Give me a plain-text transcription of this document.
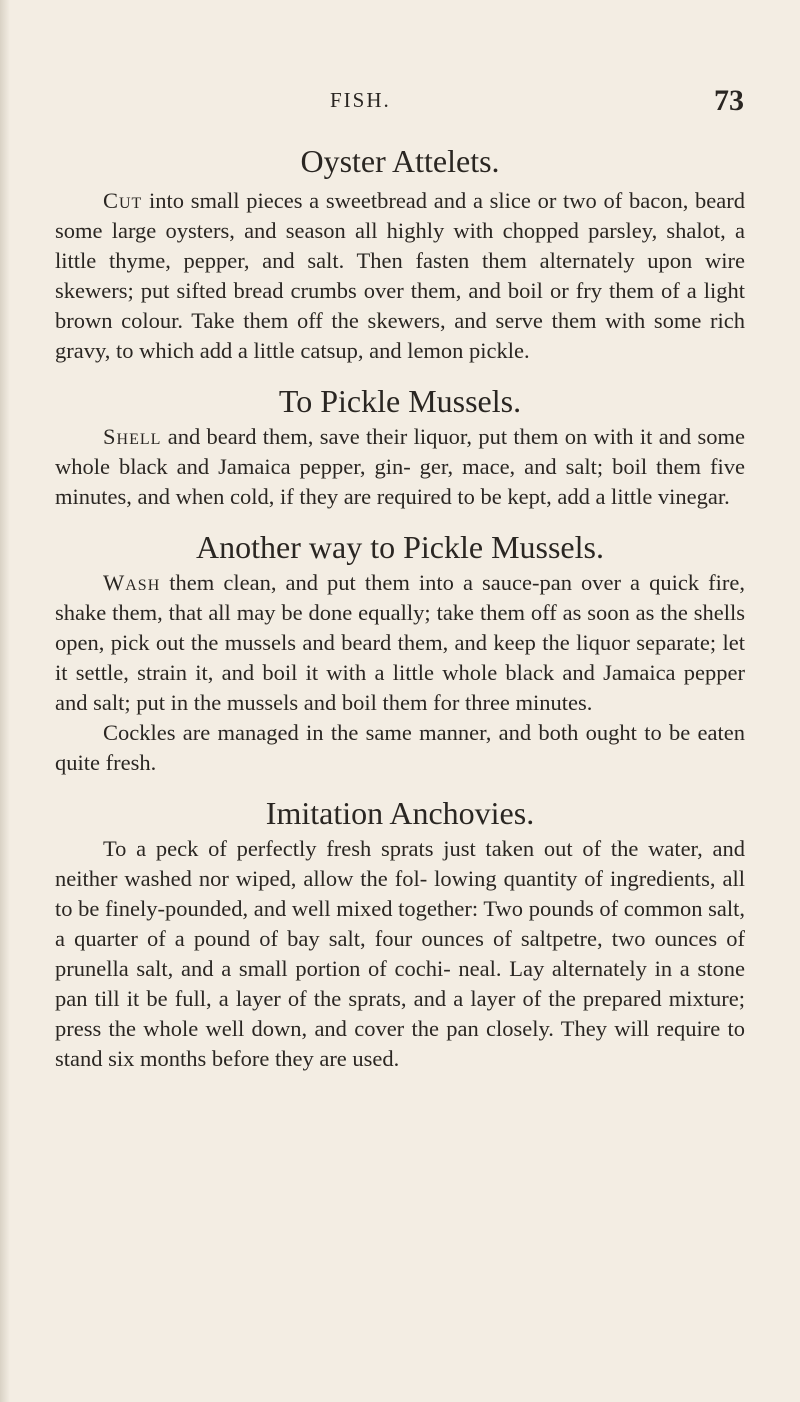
FISH.	73
Oyster Attelets.

Cut into small pieces a sweetbread and a slice or two of bacon, beard some large oysters, and season all highly with chopped parsley, shalot, a little thyme, pepper, and salt. Then fasten them alternately upon wire skewers; put sifted bread crumbs over them, and boil or fry them of a light brown colour. Take them off the skewers, and serve them with some rich gravy, to which add a little catsup, and lemon pickle.

To Pickle Mussels.

Shell and beard them, save their liquor, put them on with it and some whole black and Jamaica pepper, gin- ger, mace, and salt; boil them five minutes, and when cold, if they are required to be kept, add a little vinegar.

Another way to Pickle Mussels.

Wash them clean, and put them into a sauce-pan over a quick fire, shake them, that all may be done equally; take them off as soon as the shells open, pick out the mussels and beard them, and keep the liquor separate; let it settle, strain it, and boil it with a little whole black and Jamaica pepper and salt; put in the mussels and boil them for three minutes.

Cockles are managed in the same manner, and both ought to be eaten quite fresh.

Imitation Anchovies.

To a peck of perfectly fresh sprats just taken out of the water, and neither washed nor wiped, allow the fol- lowing quantity of ingredients, all to be finely-pounded, and well mixed together: Two pounds of common salt, a quarter of a pound of bay salt, four ounces of saltpetre, two ounces of prunella salt, and a small portion of cochi- neal. Lay alternately in a stone pan till it be full, a layer of the sprats, and a layer of the prepared mixture; press the whole well down, and cover the pan closely. They will require to stand six months before they are used.
